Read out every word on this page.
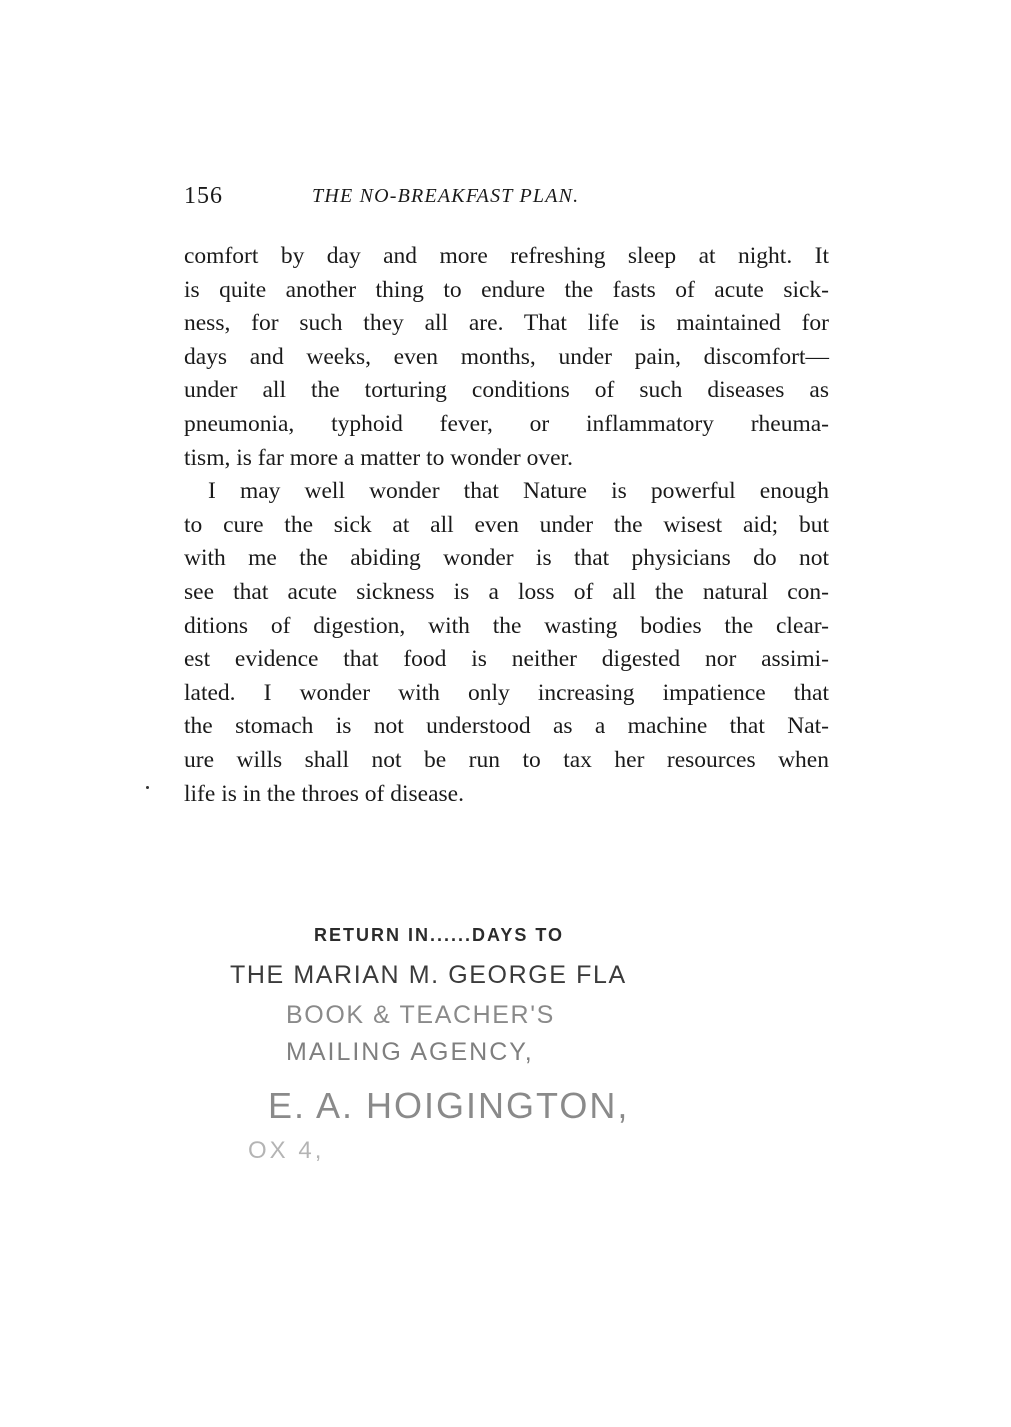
156	THE NO-BREAKFAST PLAN.
comfort by day and more refreshing sleep at night. It
is quite another thing to endure the fasts of acute sick-
ness, for such they all are. That life is maintained for
days and weeks, even months, under pain, discomfort—
under all the torturing conditions of such diseases as
pneumonia, typhoid fever, or inflammatory rheuma-
tism, is far more a matter to wonder over.
I may well wonder that Nature is powerful enough
to cure the sick at all even under the wisest aid; but
with me the abiding wonder is that physicians do not
see that acute sickness is a loss of all the natural con-
ditions of digestion, with the wasting bodies the clear-
est evidence that food is neither digested nor assimi-
lated. I wonder with only increasing impatience that
the stomach is not understood as a machine that Nat-
ure wills shall not be run to tax her resources when
life is in the throes of disease.
RETURN IN......DAYS TO
THE MARIAN M. GEORGE FLA
BOOK & TEACHER'S
MAILING AGENCY,
E. A. HOIGINGTON,
OX 4,
